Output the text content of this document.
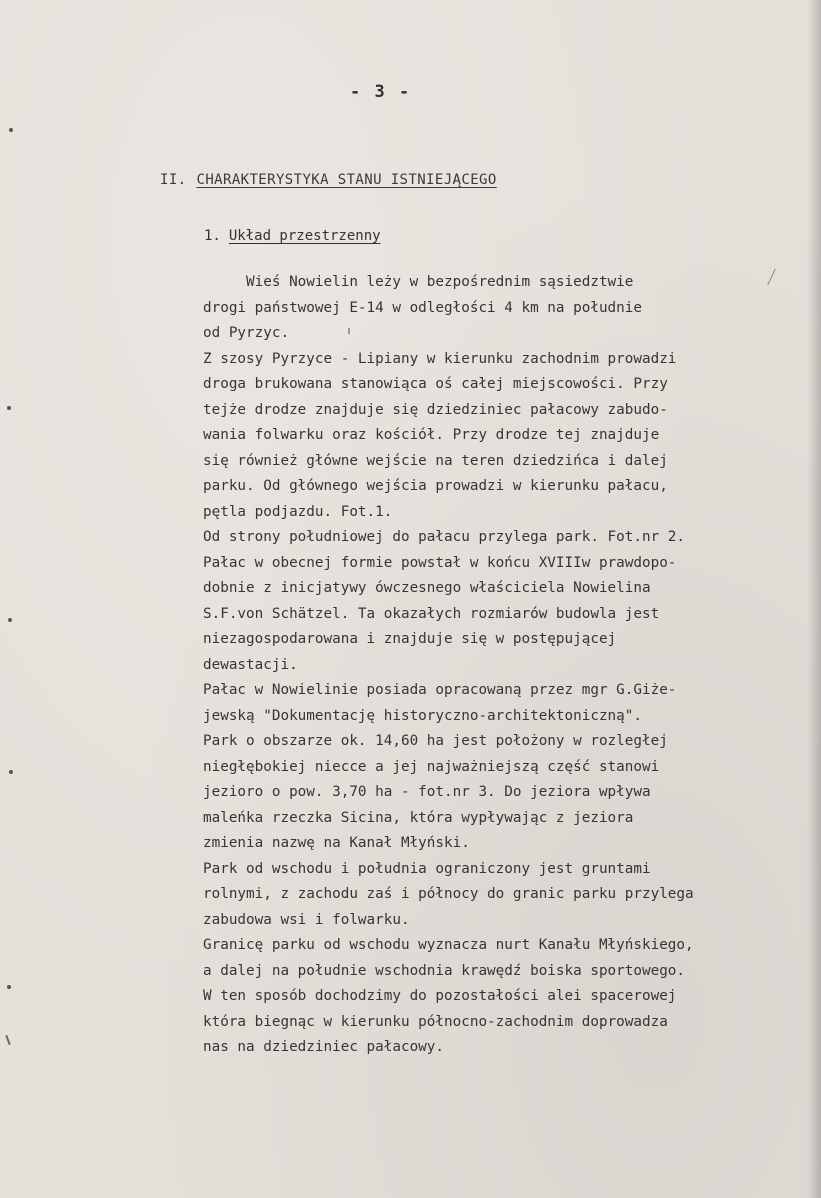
- 3 -
II. CHARAKTERYSTYKA STANU ISTNIEJĄCEGO
1. Układ przestrzenny
Wieś Nowielin leży w bezpośrednim sąsiedztwie
drogi państwowej E-14 w odległości 4 km na południe
od Pyrzyc.
Z szosy Pyrzyce - Lipiany w kierunku zachodnim prowadzi
droga brukowana stanowiąca oś całej miejscowości. Przy
tejże drodze znajduje się dziedziniec pałacowy zabudo-
wania folwarku oraz kościół. Przy drodze tej znajduje
się również główne wejście na teren dziedzińca i dalej
parku. Od głównego wejścia prowadzi w kierunku pałacu,
pętla podjazdu. Fot.1.
Od strony południowej do pałacu przylega park. Fot.nr 2.
Pałac w obecnej formie powstał w końcu XVIIIw prawdopo-
dobnie z inicjatywy ówczesnego właściciela Nowielina
S.F.von Schätzel. Ta okazałych rozmiarów budowla jest
niezagospodarowana i znajduje się w postępującej
dewastacji.
Pałac w Nowielinie posiada opracowaną przez mgr G.Giże-
jewską "Dokumentację historyczno-architektoniczną".
Park o obszarze ok. 14,60 ha jest położony w rozległej
niegłębokiej niecce a jej najważniejszą część stanowi
jezioro o pow. 3,70 ha - fot.nr 3. Do jeziora wpływa
maleńka rzeczka Sicina, która wypływając z jeziora
zmienia nazwę na Kanał Młyński.
Park od wschodu i południa ograniczony jest gruntami
rolnymi, z zachodu zaś i północy do granic parku przylega
zabudowa wsi i folwarku.
Granicę parku od wschodu wyznacza nurt Kanału Młyńskiego,
a dalej na południe wschodnia krawędź boiska sportowego.
W ten sposób dochodzimy do pozostałości alei spacerowej
która biegnąc w kierunku północno-zachodnim doprowadza
nas na dziedziniec pałacowy.
